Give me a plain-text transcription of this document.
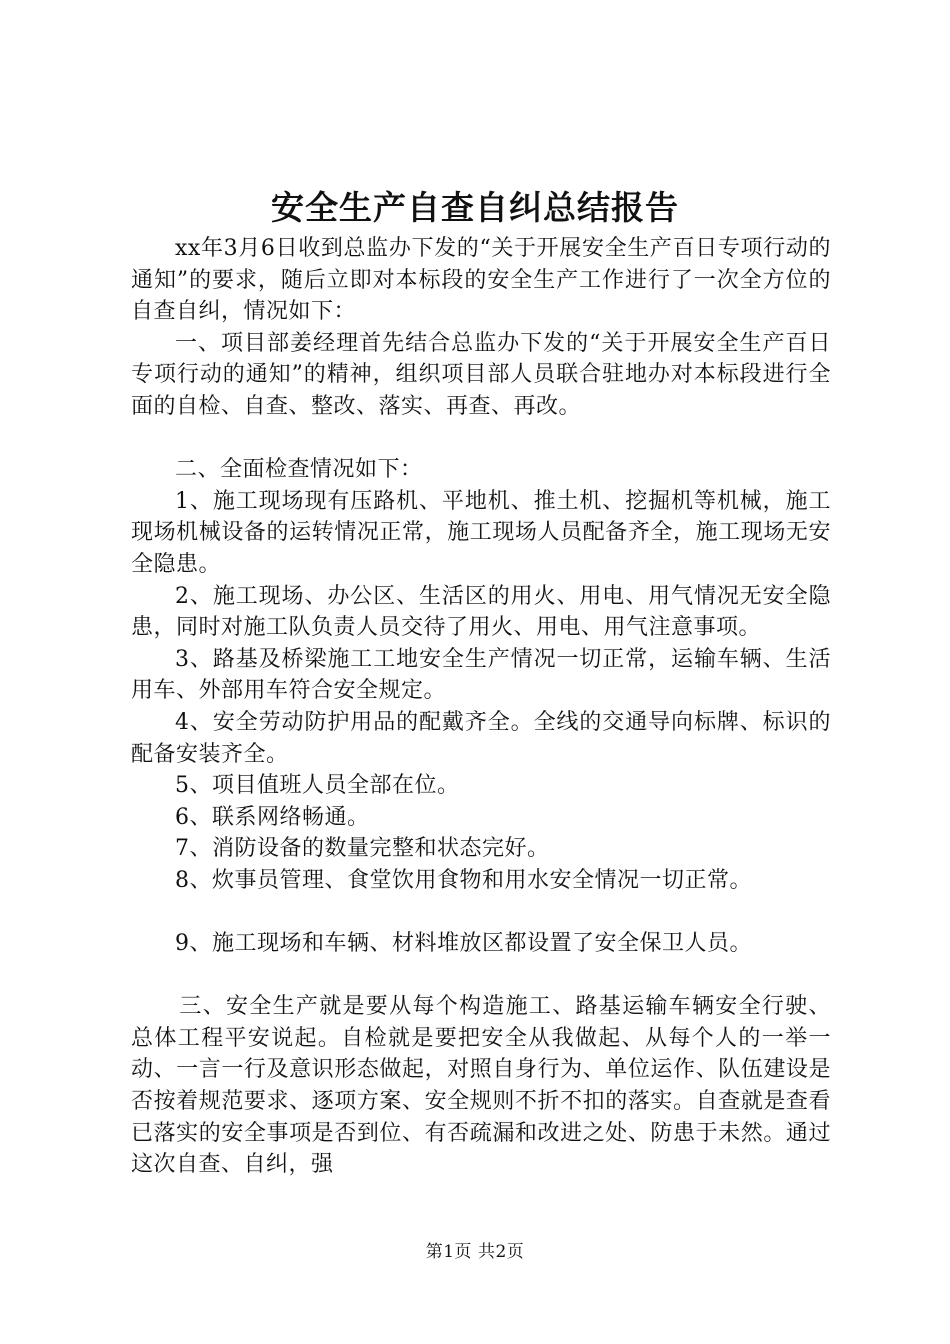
安全生产自查自纠总结报告

xx年3月6日收到总监办下发的“关于开展安全生产百日专项行动的通知”的要求，随后立即对本标段的安全生产工作进行了一次全方位的自查自纠，情况如下：

一、项目部姜经理首先结合总监办下发的“关于开展安全生产百日专项行动的通知”的精神，组织项目部人员联合驻地办对本标段进行全面的自检、自查、整改、落实、再查、再改。

二、全面检查情况如下：

1、施工现场现有压路机、平地机、推土机、挖掘机等机械，施工现场机械设备的运转情况正常，施工现场人员配备齐全，施工现场无安全隐患。

2、施工现场、办公区、生活区的用火、用电、用气情况无安全隐患，同时对施工队负责人员交待了用火、用电、用气注意事项。

3、路基及桥梁施工工地安全生产情况一切正常，运输车辆、生活用车、外部用车符合安全规定。

4、安全劳动防护用品的配戴齐全。全线的交通导向标牌、标识的配备安装齐全。

5、项目值班人员全部在位。

6、联系网络畅通。

7、消防设备的数量完整和状态完好。

8、炊事员管理、食堂饮用食物和用水安全情况一切正常。

9、施工现场和车辆、材料堆放区都设置了安全保卫人员。

三、安全生产就是要从每个构造施工、路基运输车辆安全行驶、总体工程平安说起。自检就是要把安全从我做起、从每个人的一举一动、一言一行及意识形态做起，对照自身行为、单位运作、队伍建设是否按着规范要求、逐项方案、安全规则不折不扣的落实。自查就是查看已落实的安全事项是否到位、有否疏漏和改进之处、防患于未然。通过这次自查、自纠，强

第1页 共2页
